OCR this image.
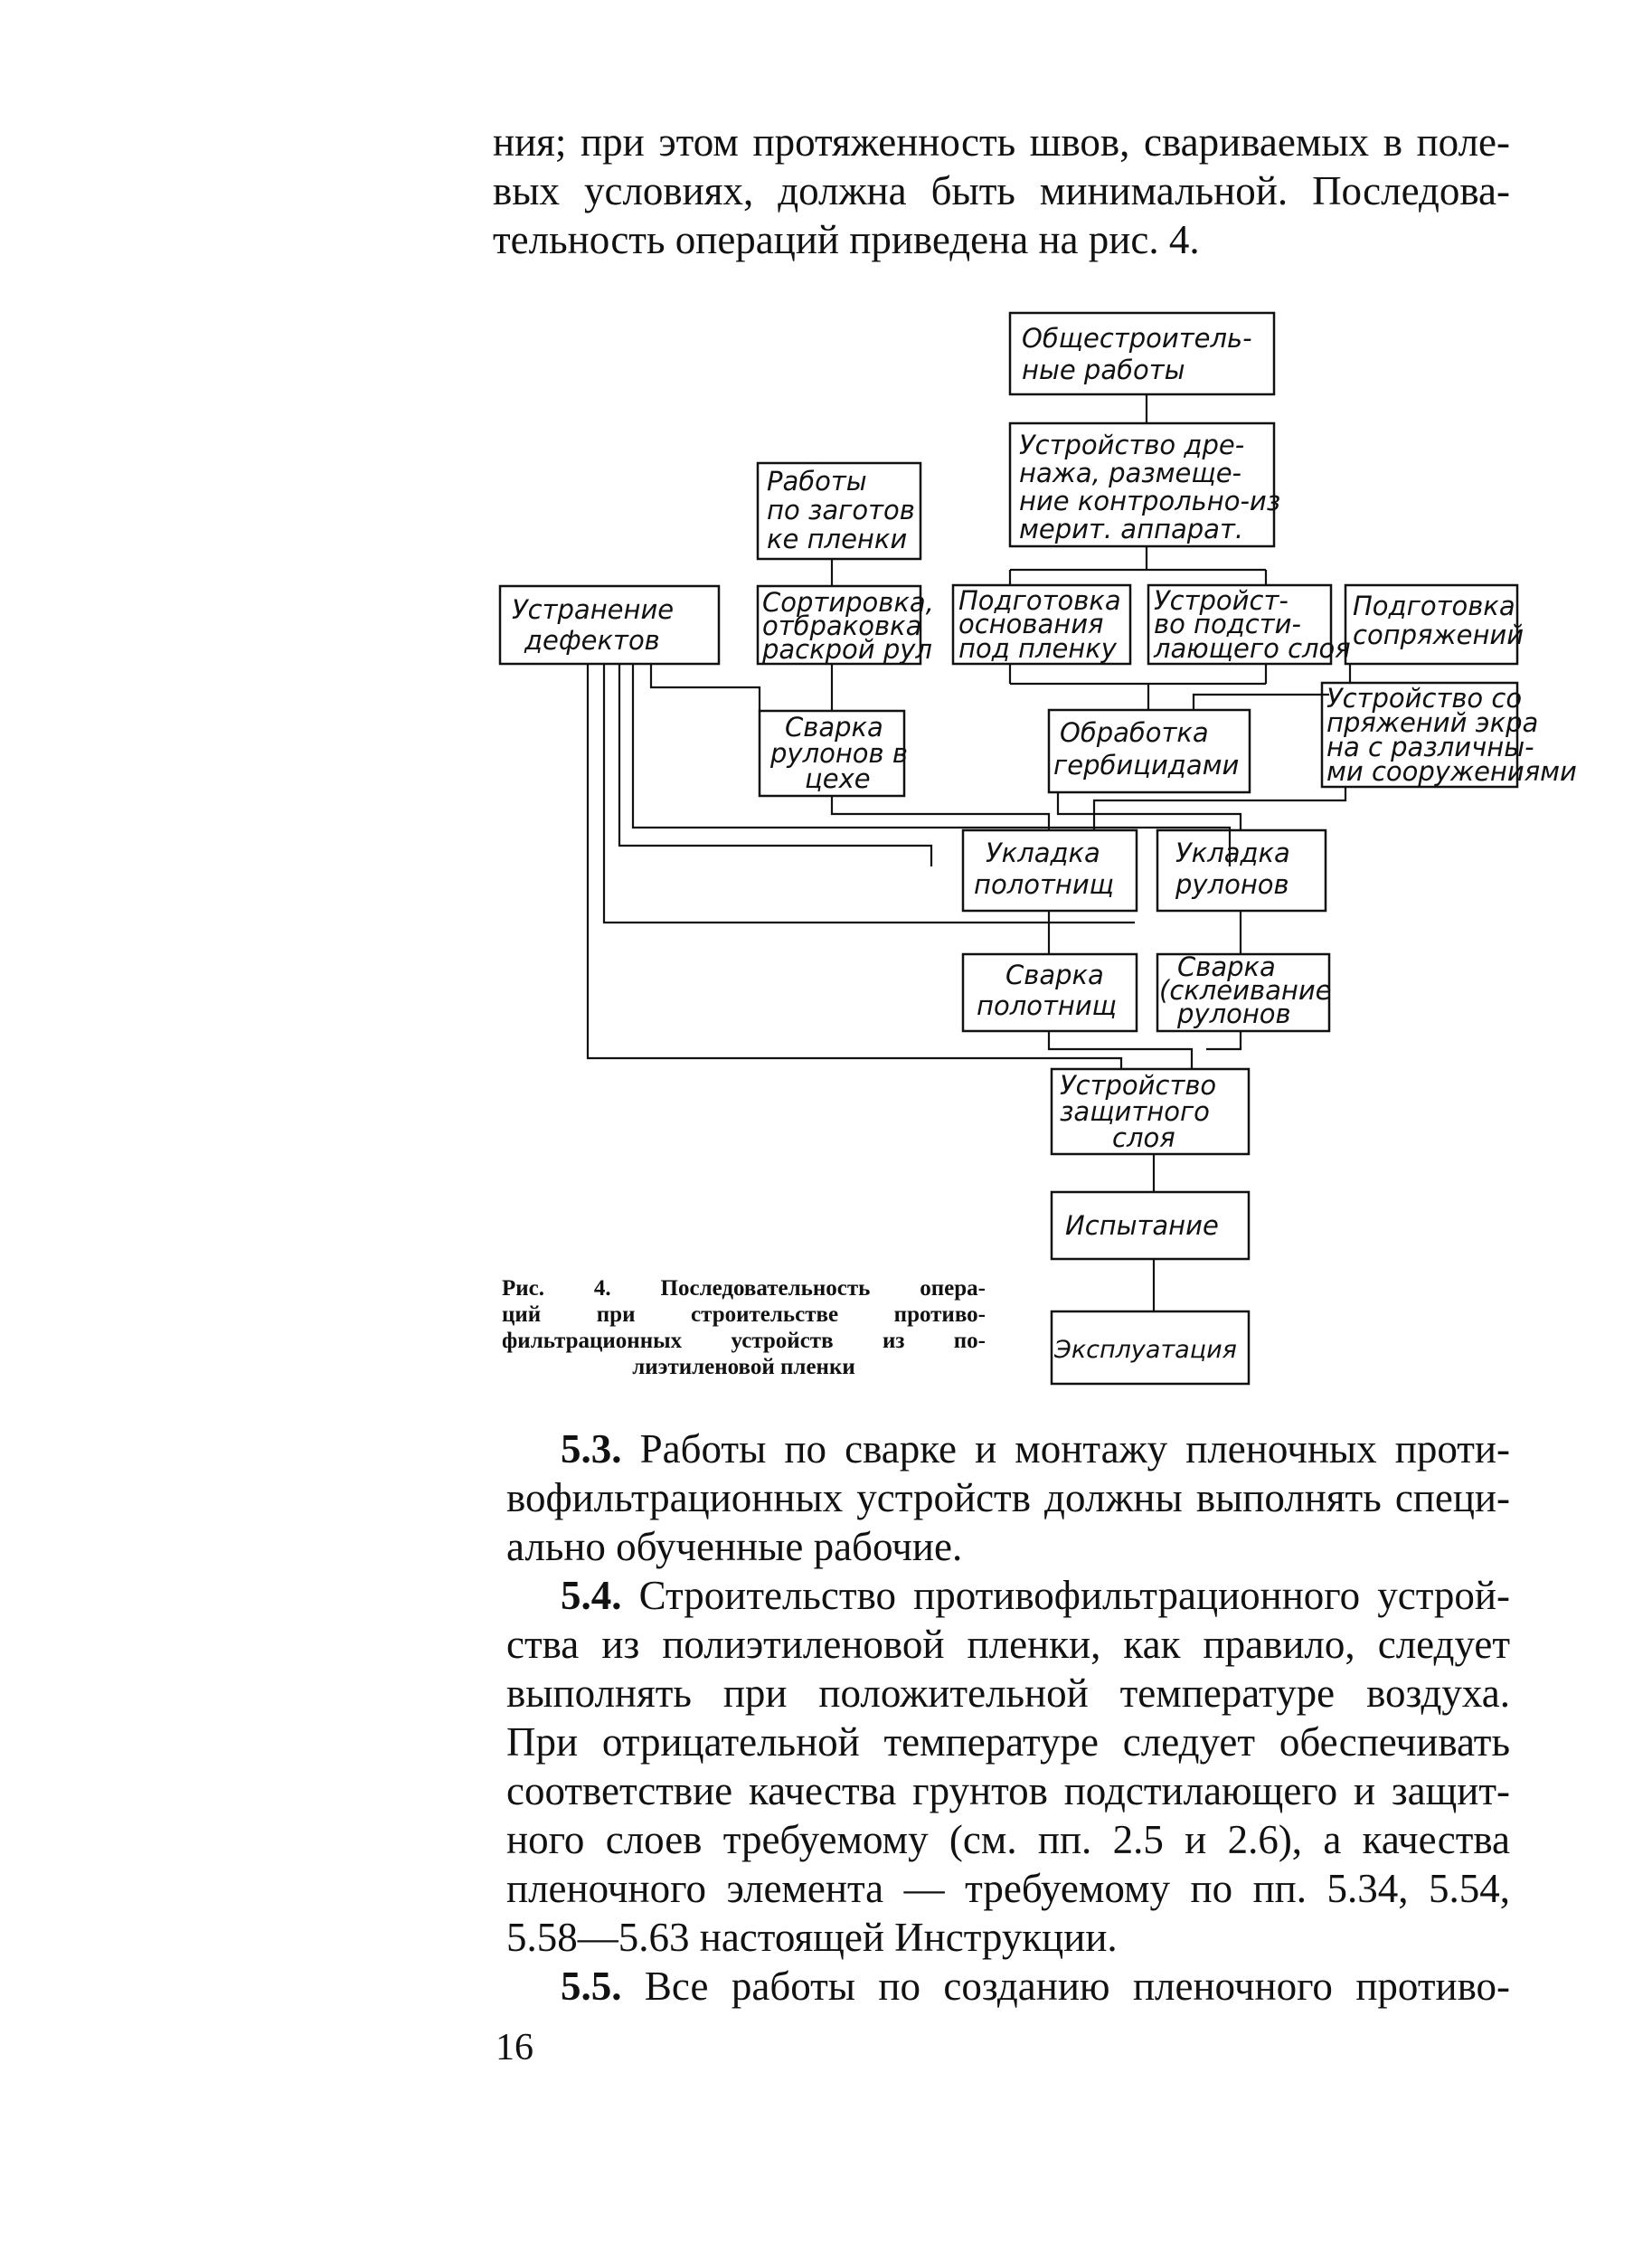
ния; при этом протяженность швов, свариваемых в поле-

вых условиях, должна быть минимальной. Последова-

тельность операций приведена на рис. 4.

Общестроитель-
ные работы
Устройство дре-
нажа, размеще-
ние контрольно-из
мерит. аппарат.
Работы
по заготов
ке пленки
Устранение
дефектов
Сортировка,
отбраковка
раскрой рул
Подготовка
основания
под пленку
Устройст-
во подсти-
лающего слоя
Подготовка
сопряжений
Устройство со
пряжений экра
на с различны-
ми сооружениями
Сварка
рулонов в
цехе
Обработка
гербицидами
Укладка
полотнищ
Укладка
рулонов
Сварка
полотнищ
Сварка
(склеивание
рулонов
Устройство
защитного
слоя
Испытание
Эксплуатация
Рис. 4. Последовательность опера-
ций при строительстве противо-
фильтрационных устройств из по-
лиэтиленовой пленки

5.3. Работы по сварке и монтажу пленочных проти-

вофильтрационных устройств должны выполнять специ-

ально обученные рабочие.

5.4. Строительство противофильтрационного устрой-

ства из полиэтиленовой пленки, как правило, следует

выполнять при положительной температуре воздуха.

При отрицательной температуре следует обеспечивать

соответствие качества грунтов подстилающего и защит-

ного слоев требуемому (см. пп. 2.5 и 2.6), а качества

пленочного элемента — требуемому по пп. 5.34, 5.54,

5.58—5.63 настоящей Инструкции.

5.5. Все работы по созданию пленочного противо-

16
